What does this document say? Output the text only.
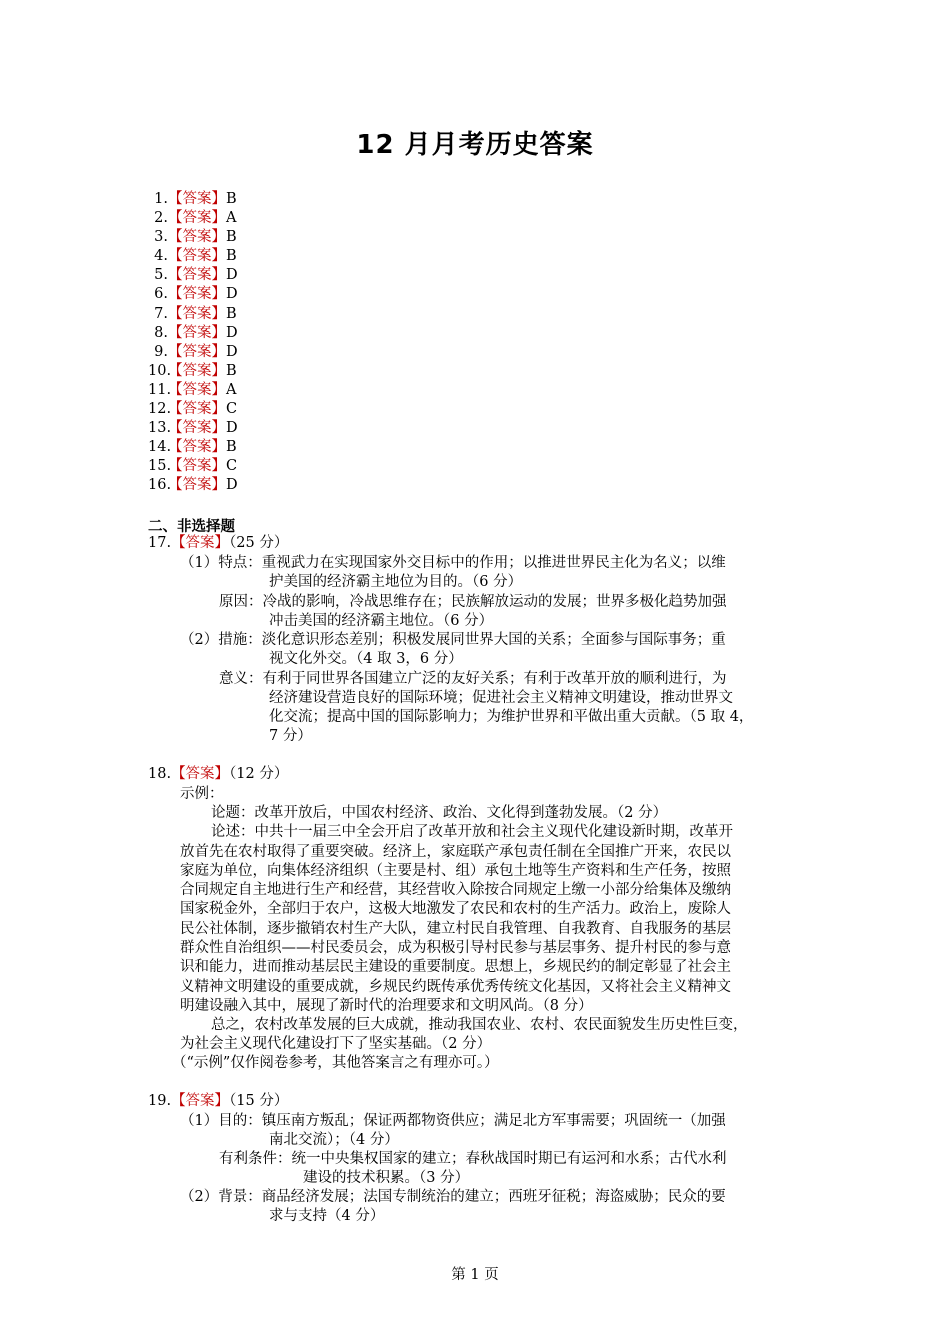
12 月月考历史答案
1.【答案】B
2.【答案】A
3.【答案】B
4.【答案】B
5.【答案】D
6.【答案】D
7.【答案】B
8.【答案】D
9.【答案】D
10.【答案】B
11.【答案】A
12.【答案】C
13.【答案】D
14.【答案】B
15.【答案】C
16.【答案】D
二、非选择题
17.【答案】（25 分）
（1）特点：重视武力在实现国家外交目标中的作用；以推进世界民主化为名义；以维
护美国的经济霸主地位为目的。（6 分）
原因：冷战的影响，冷战思维存在；民族解放运动的发展；世界多极化趋势加强
冲击美国的经济霸主地位。（6 分）
（2）措施：淡化意识形态差别；积极发展同世界大国的关系；全面参与国际事务；重
视文化外交。（4 取 3，6 分）
意义：有利于同世界各国建立广泛的友好关系；有利于改革开放的顺利进行，为
经济建设营造良好的国际环境；促进社会主义精神文明建设，推动世界文
化交流；提高中国的国际影响力；为维护世界和平做出重大贡献。（5 取 4，
7 分）
18.【答案】（12 分）
示例：
论题：改革开放后，中国农村经济、政治、文化得到蓬勃发展。（2 分）
论述：中共十一届三中全会开启了改革开放和社会主义现代化建设新时期，改革开
放首先在农村取得了重要突破。经济上，家庭联产承包责任制在全国推广开来，农民以
家庭为单位，向集体经济组织（主要是村、组）承包土地等生产资料和生产任务，按照
合同规定自主地进行生产和经营，其经营收入除按合同规定上缴一小部分给集体及缴纳
国家税金外，全部归于农户，这极大地激发了农民和农村的生产活力。政治上，废除人
民公社体制，逐步撤销农村生产大队，建立村民自我管理、自我教育、自我服务的基层
群众性自治组织——村民委员会，成为积极引导村民参与基层事务、提升村民的参与意
识和能力，进而推动基层民主建设的重要制度。思想上，乡规民约的制定彰显了社会主
义精神文明建设的重要成就，乡规民约既传承优秀传统文化基因，又将社会主义精神文
明建设融入其中，展现了新时代的治理要求和文明风尚。（8 分）
总之，农村改革发展的巨大成就，推动我国农业、农村、农民面貌发生历史性巨变，
为社会主义现代化建设打下了坚实基础。（2 分）
（“示例”仅作阅卷参考，其他答案言之有理亦可。）
19.【答案】（15 分）
（1）目的：镇压南方叛乱；保证两都物资供应；满足北方军事需要；巩固统一（加强
南北交流）；（4 分）
有利条件：统一中央集权国家的建立；春秋战国时期已有运河和水系；古代水利
建设的技术积累。（3 分）
（2）背景：商品经济发展；法国专制统治的建立；西班牙征税；海盗威胁；民众的要
求与支持（4 分）
第 1 页
